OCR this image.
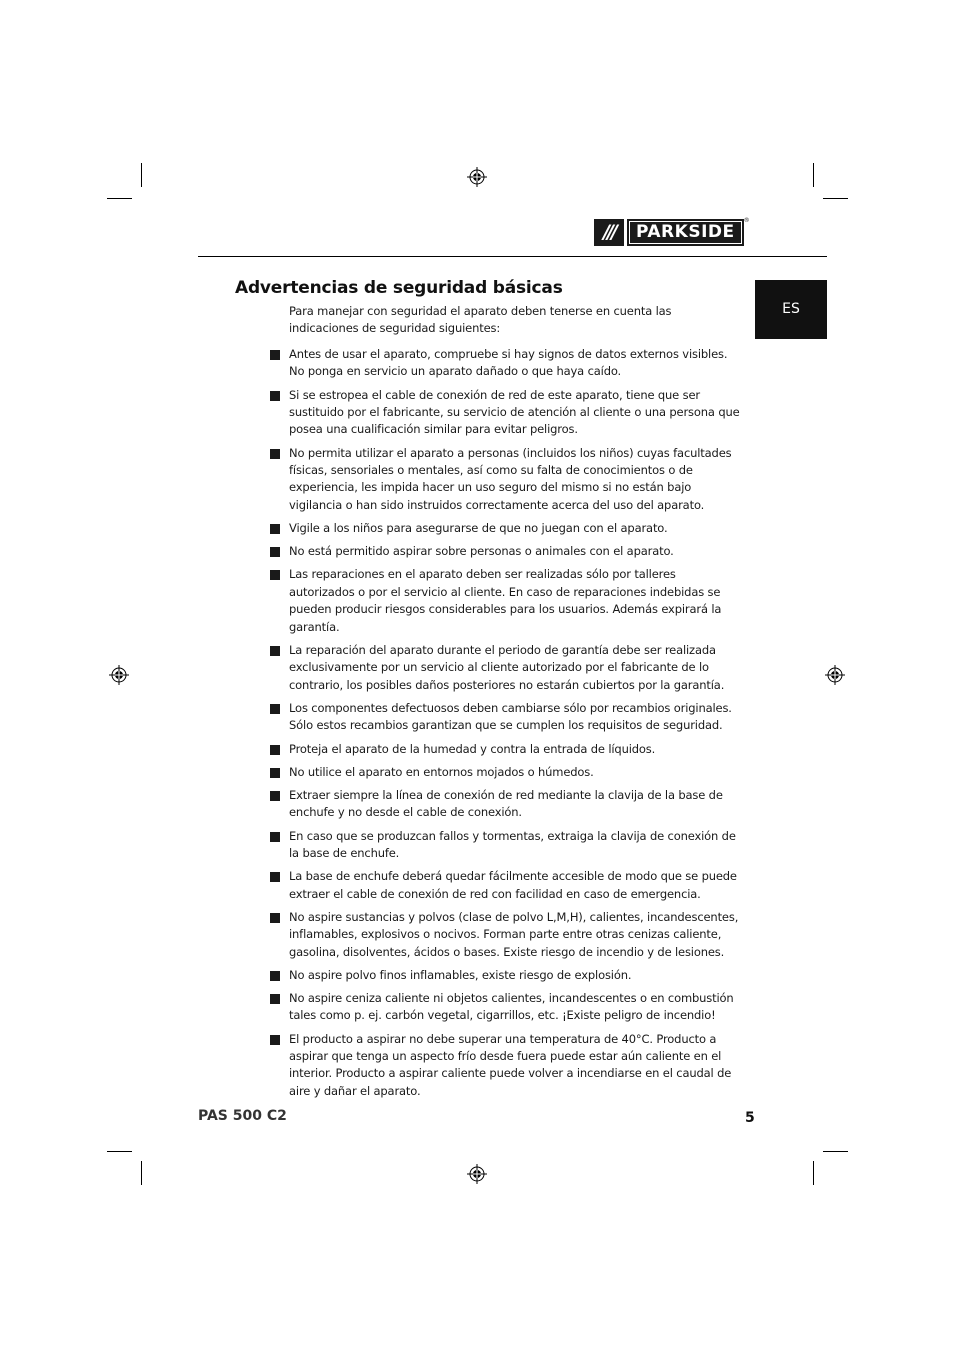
///	PARKSIDE
®
ES
Advertencias de seguridad básicas

Para manejar con seguridad el aparato deben tenerse en cuenta las indicaciones de seguridad siguientes:

Antes de usar el aparato, compruebe si hay signos de datos externos visibles. No ponga en servicio un aparato dañado o que haya caído.
Si se estropea el cable de conexión de red de este aparato, tiene que ser sustituido por el fabricante, su servicio de atención al cliente o una persona que posea una cualificación similar para evitar peligros.
No permita utilizar el aparato a personas (incluidos los niños) cuyas facultades físicas, sensoriales o mentales, así como su falta de conocimientos o de experiencia, les impida hacer un uso seguro del mismo si no están bajo vigilancia o han sido instruidos correctamente acerca del uso del aparato.
Vigile a los niños para asegurarse de que no juegan con el aparato.
No está permitido aspirar sobre personas o animales con el aparato.
Las reparaciones en el aparato deben ser realizadas sólo por talleres autorizados o por el servicio al cliente. En caso de reparaciones indebidas se pueden producir riesgos considerables para los usuarios. Además expirará la garantía.
La reparación del aparato durante el periodo de garantía debe ser realizada exclusivamente por un servicio al cliente autorizado por el fabricante de lo contrario, los posibles daños posteriores no estarán cubiertos por la garantía.
Los componentes defectuosos deben cambiarse sólo por recambios originales. Sólo estos recambios garantizan que se cumplen los requisitos de seguridad.
Proteja el aparato de la humedad y contra la entrada de líquidos.
No utilice el aparato en entornos mojados o húmedos.
Extraer siempre la línea de conexión de red mediante la clavija de la base de enchufe y no desde el cable de conexión.
En caso que se produzcan fallos y tormentas, extraiga la clavija de conexión de la base de enchufe.
La base de enchufe deberá quedar fácilmente accesible de modo que se puede extraer el cable de conexión de red con facilidad en caso de emergencia.
No aspire sustancias y polvos (clase de polvo L,M,H), calientes, incandescentes, inflamables, explosivos o nocivos. Forman parte entre otras cenizas caliente, gasolina, disolventes, ácidos o bases. Existe riesgo de incendio y de lesiones.
No aspire polvo finos inflamables, existe riesgo de explosión.
No aspire ceniza caliente ni objetos calientes, incandescentes o en combustión tales como p. ej. carbón vegetal, cigarrillos, etc. ¡Existe peligro de incendio!
El producto a aspirar no debe superar una temperatura de 40°C. Producto a aspirar que tenga un aspecto frío desde fuera puede estar aún caliente en el interior. Producto a aspirar caliente puede volver a incendiarse en el caudal de aire y dañar el aparato.

PAS 500 C2	5
